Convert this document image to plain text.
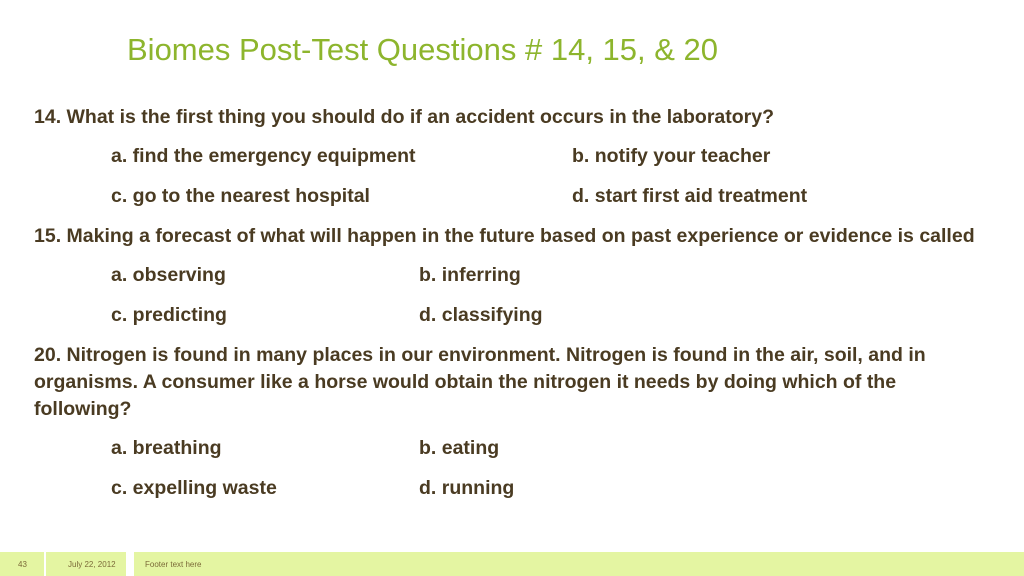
Biomes Post-Test Questions # 14, 15, & 20

14. What is the first thing you should do if an accident occurs in the laboratory?

a. find the emergency equipment	b. notify your teacher
c. go to the nearest hospital	d. start first aid treatment

15. Making a forecast of what will happen in the future based on past experience or evidence is called

a. observing	b. inferring
c. predicting	d. classifying

20. Nitrogen is found in many places in our environment. Nitrogen is found in the air, soil, and in organisms. A consumer like a horse would obtain the nitrogen it needs by doing which of the following?

a. breathing	b. eating
c. expelling waste	d. running
43	July 22, 2012	Footer text here
